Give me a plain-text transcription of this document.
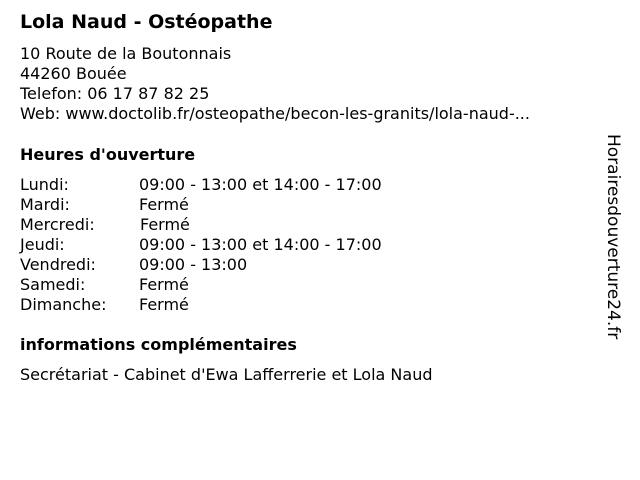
Lola Naud - Ostéopathe
10 Route de la Boutonnais
44260 Bouée
Telefon: 06 17 87 82 25
Web: www.doctolib.fr/osteopathe/becon-les-granits/lola-naud-...
Heures d'ouverture
Lundi:	09:00 - 13:00 et 14:00 - 17:00
Mardi:	Fermé
Mercredi:	Fermé
Jeudi:	09:00 - 13:00 et 14:00 - 17:00
Vendredi:	09:00 - 13:00
Samedi:	Fermé
Dimanche: Fermé
informations complémentaires
Secrétariat - Cabinet d'Ewa Lafferrerie et Lola Naud
Horairesdouverture24.fr
